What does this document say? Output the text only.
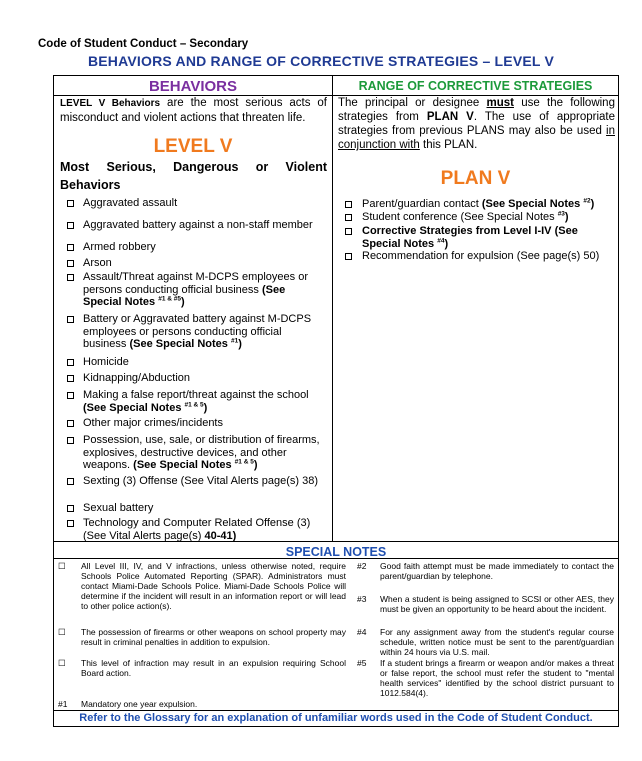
Code of Student Conduct – Secondary
BEHAVIORS AND RANGE OF CORRECTIVE STRATEGIES – LEVEL V
BEHAVIORS	RANGE OF CORRECTIVE STRATEGIES
LEVEL V Behaviors are the most serious acts of misconduct and violent actions that threaten life.
The principal or designee must use the following strategies from PLAN V. The use of appropriate strategies from previous PLANS may also be used in conjunction with this PLAN.
LEVEL V
Most Serious, Dangerous or Violent Behaviors	PLAN V
Aggravated assault
Aggravated battery against a non-staff member
Armed robbery
Arson
Assault/Threat against M-DCPS employees or persons conducting official business (See Special Notes $^{\#1 \& \#5}$)
Battery or Aggravated battery against M-DCPS employees or persons conducting official business (See Special Notes $^{\#1}$)
Homicide
Kidnapping/Abduction
Making a false report/threat against the school (See Special Notes $^{\#1 \& 5}$)
Other major crimes/incidents
Possession, use, sale, or distribution of firearms, explosives, destructive devices, and other weapons. (See Special Notes $^{\#1 \& 5}$)
Sexting (3) Offense (See Vital Alerts page(s) 38)
Sexual battery
Technology and Computer Related Offense (3) (See Vital Alerts page(s) 40-41)
Parent/guardian contact (See Special Notes $^{\#2}$)
Student conference (See Special Notes $^{\#3}$)
Corrective Strategies from Level I-IV (See Special Notes $^{\#4}$)
Recommendation for expulsion (See page(s) 50)
SPECIAL NOTES
☐ All Level III, IV, and V infractions, unless otherwise noted, require Schools Police Automated Reporting (SPAR). Administrators must contact Miami-Dade Schools Police. Miami-Dade Schools Police will determine if the incident will result in an information report or will lead to other police action(s).
☐ The possession of firearms or other weapons on school property may result in criminal penalties in addition to expulsion.
☐ This level of infraction may result in an expulsion requiring School Board action.
#1 Mandatory one year expulsion.
#2 Good faith attempt must be made immediately to contact the parent/guardian by telephone.
#3 When a student is being assigned to SCSI or other AES, they must be given an opportunity to be heard about the incident.
#4 For any assignment away from the student's regular course schedule, written notice must be sent to the parent/guardian within 24 hours via U.S. mail.
#5 If a student brings a firearm or weapon and/or makes a threat or false report, the school must refer the student to "mental health services" identified by the school district pursuant to 1012.584(4).
Refer to the Glossary for an explanation of unfamiliar words used in the Code of Student Conduct.
